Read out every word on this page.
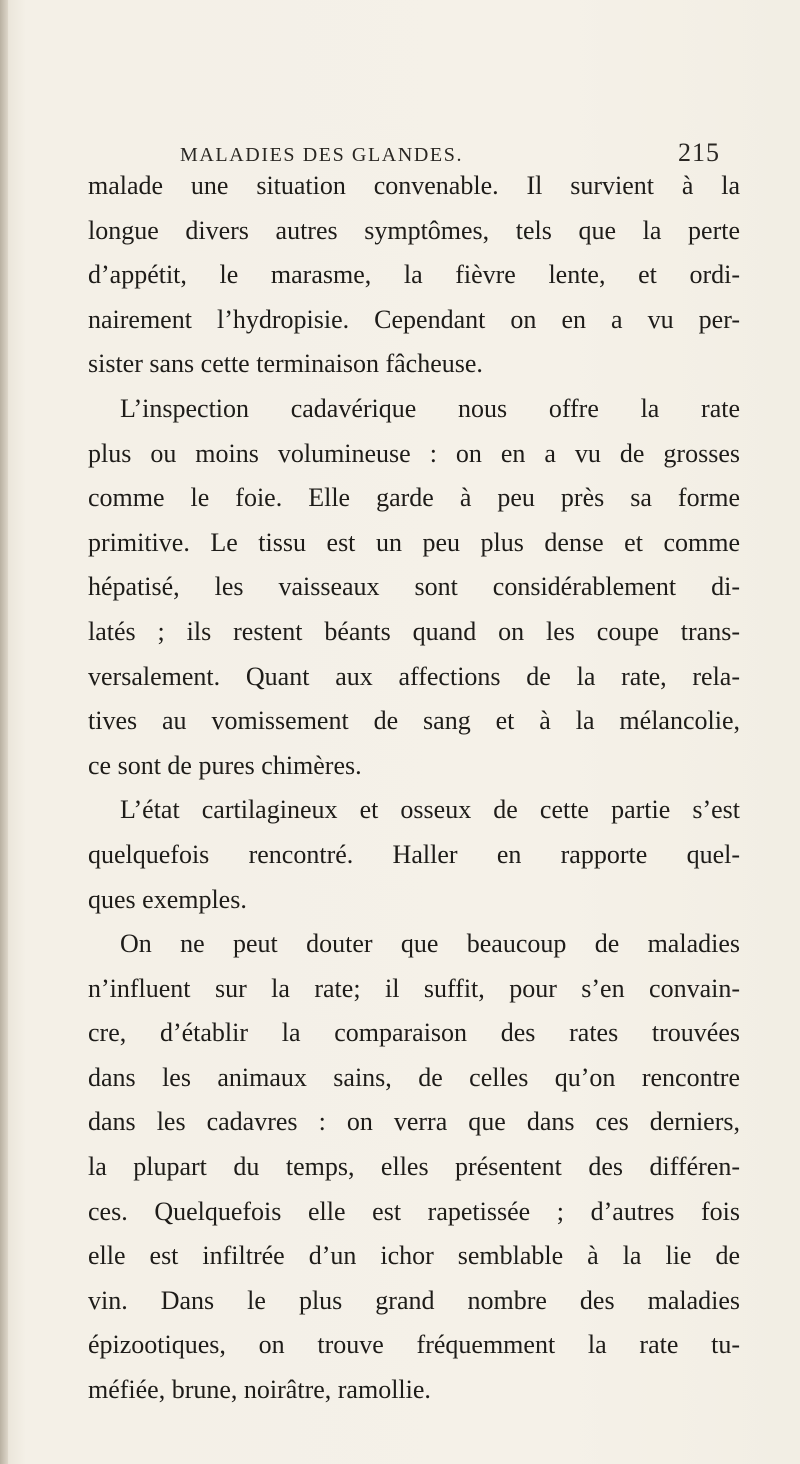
MALADIES DES GLANDES.	215
malade une situation convenable. Il survient à la
longue divers autres symptômes, tels que la perte
d’appétit, le marasme, la fièvre lente, et ordi-
nairement l’hydropisie. Cependant on en a vu per-
sister sans cette terminaison fâcheuse.
L’inspection cadavérique nous offre la rate
plus ou moins volumineuse : on en a vu de grosses
comme le foie. Elle garde à peu près sa forme
primitive. Le tissu est un peu plus dense et comme
hépatisé, les vaisseaux sont considérablement di-
latés ; ils restent béants quand on les coupe trans-
versalement. Quant aux affections de la rate, rela-
tives au vomissement de sang et à la mélancolie,
ce sont de pures chimères.
L’état cartilagineux et osseux de cette partie s’est
quelquefois rencontré. Haller en rapporte quel-
ques exemples.
On ne peut douter que beaucoup de maladies
n’influent sur la rate; il suffit, pour s’en convain-
cre, d’établir la comparaison des rates trouvées
dans les animaux sains, de celles qu’on rencontre
dans les cadavres : on verra que dans ces derniers,
la plupart du temps, elles présentent des différen-
ces. Quelquefois elle est rapetissée ; d’autres fois
elle est infiltrée d’un ichor semblable à la lie de
vin. Dans le plus grand nombre des maladies
épizootiques, on trouve fréquemment la rate tu-
méfiée, brune, noirâtre, ramollie.
